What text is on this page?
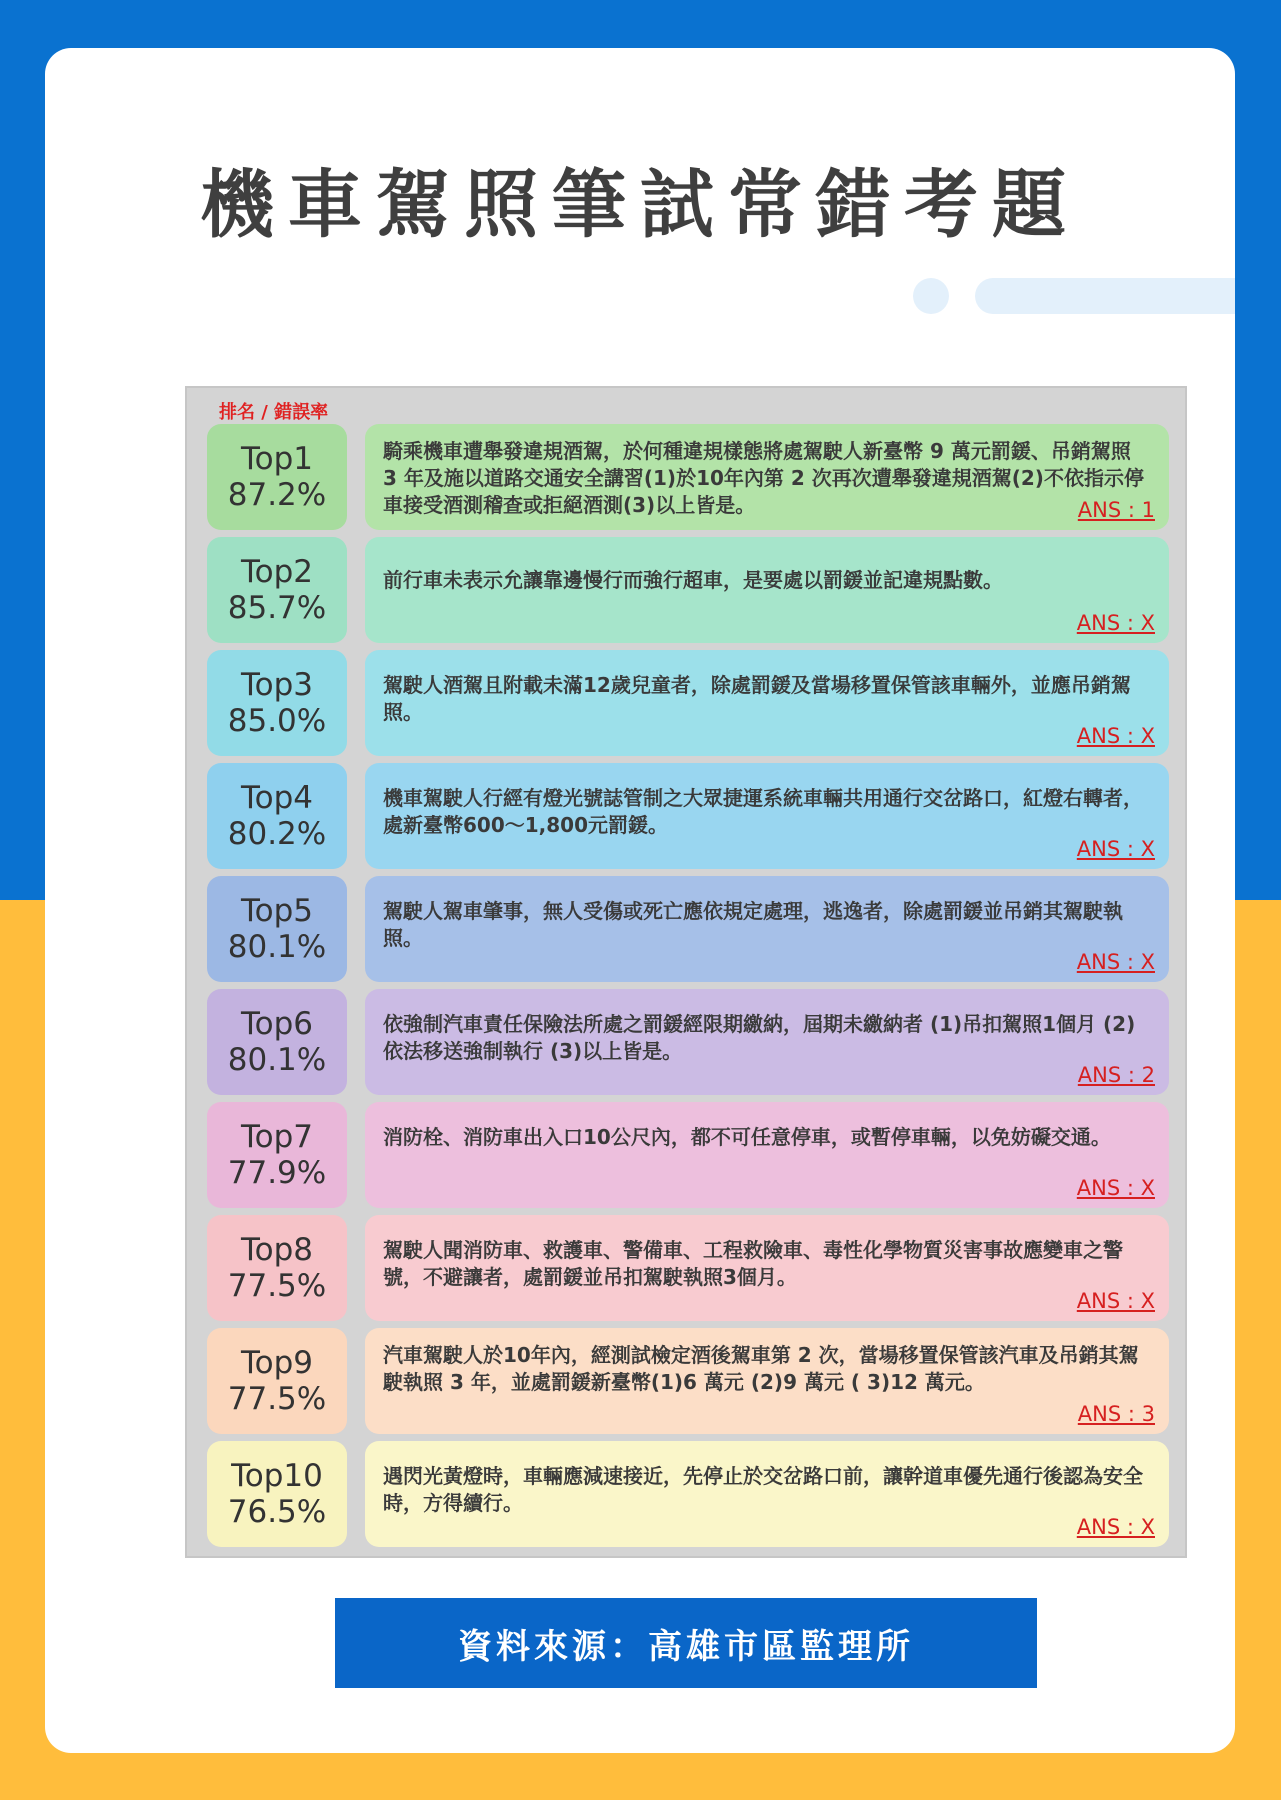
機車駕照筆試常錯考題
排名 / 錯誤率
Top1
87.2%
騎乘機車遭舉發違規酒駕，於何種違規樣態將處駕駛人新臺幣 9 萬元罰鍰、吊銷駕照 3 年及施以道路交通安全講習(1)於10年內第 2 次再次遭舉發違規酒駕(2)不依指示停車接受酒測稽查或拒絕酒測(3)以上皆是。	ANS : 1
Top2
85.7%
前行車未表示允讓靠邊慢行而強行超車，是要處以罰鍰並記違規點數。
ANS : X
Top3
85.0%
駕駛人酒駕且附載未滿12歲兒童者，除處罰鍰及當場移置保管該車輛外，並應吊銷駕照。
ANS : X
Top4
80.2%
機車駕駛人行經有燈光號誌管制之大眾捷運系統車輛共用通行交岔路口，紅燈右轉者，處新臺幣600～1,800元罰鍰。
ANS : X
Top5
80.1%
駕駛人駕車肇事，無人受傷或死亡應依規定處理，逃逸者，除處罰鍰並吊銷其駕駛執照。
ANS : X
Top6
80.1%
依強制汽車責任保險法所處之罰鍰經限期繳納，屆期未繳納者 (1)吊扣駕照1個月 (2)依法移送強制執行 (3)以上皆是。
ANS : 2
Top7
77.9%
消防栓、消防車出入口10公尺內，都不可任意停車，或暫停車輛，以免妨礙交通。
ANS : X
Top8
77.5%
駕駛人聞消防車、救護車、警備車、工程救險車、毒性化學物質災害事故應變車之警號，不避讓者，處罰鍰並吊扣駕駛執照3個月。
ANS : X
Top9
77.5%
汽車駕駛人於10年內，經測試檢定酒後駕車第 2 次，當場移置保管該汽車及吊銷其駕駛執照 3 年，並處罰鍰新臺幣(1)6 萬元 (2)9 萬元 ( 3)12 萬元。
ANS : 3
Top10
76.5%
遇閃光黃燈時，車輛應減速接近，先停止於交岔路口前，讓幹道車優先通行後認為安全時，方得續行。
ANS : X
資料來源：高雄市區監理所
